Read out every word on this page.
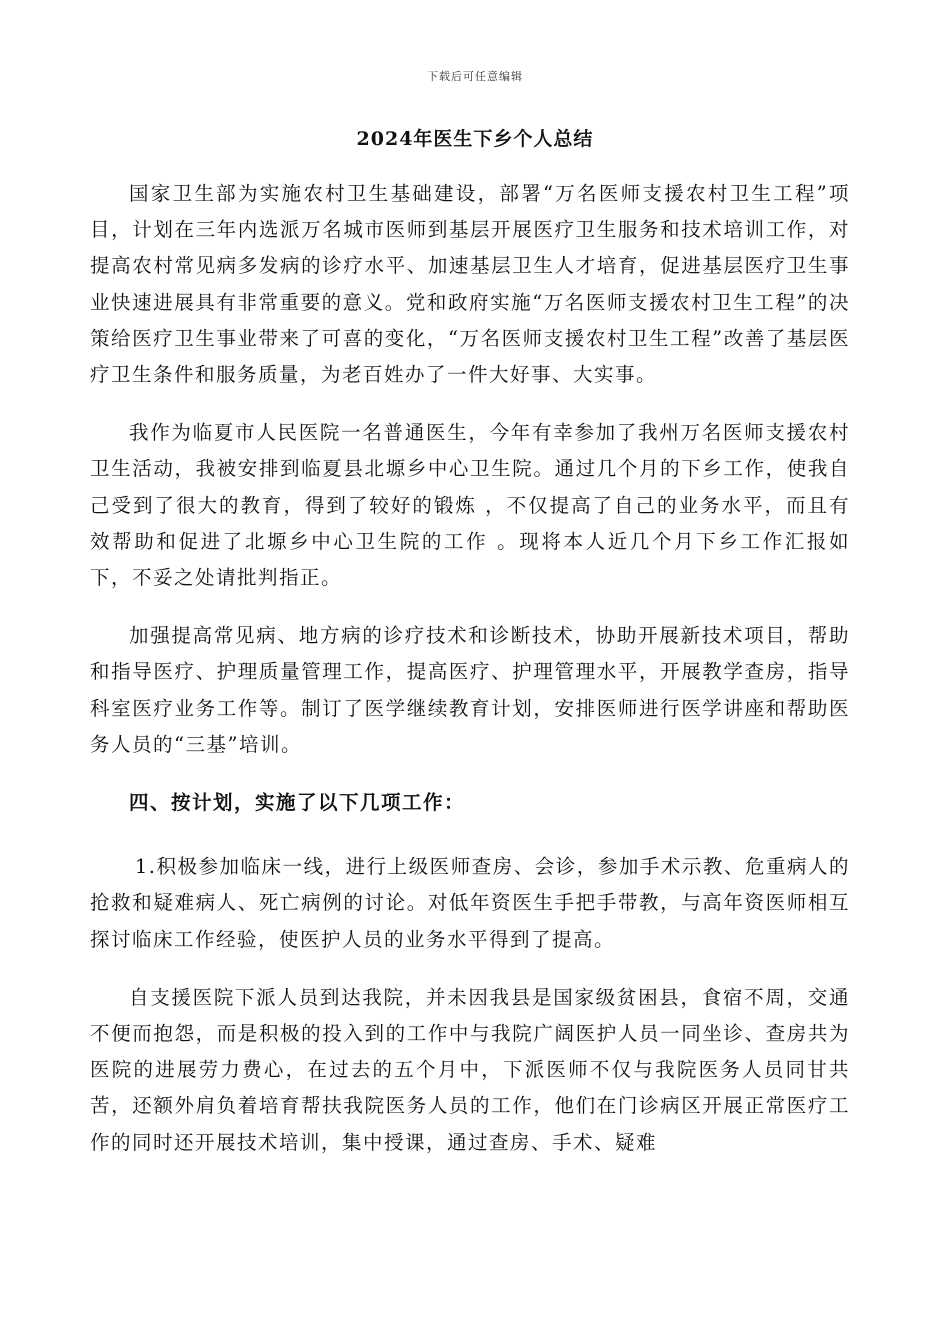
下载后可任意编辑
2024年医生下乡个人总结

国家卫生部为实施农村卫生基础建设，部署“万名医师支援农村卫生工程”项目，计划在三年内选派万名城市医师到基层开展医疗卫生服务和技术培训工作，对提高农村常见病多发病的诊疗水平、加速基层卫生人才培育，促进基层医疗卫生事业快速进展具有非常重要的意义。党和政府实施“万名医师支援农村卫生工程”的决策给医疗卫生事业带来了可喜的变化，“万名医师支援农村卫生工程”改善了基层医疗卫生条件和服务质量，为老百姓办了一件大好事、大实事。

我作为临夏市人民医院一名普通医生，今年有幸参加了我州万名医师支援农村卫生活动，我被安排到临夏县北塬乡中心卫生院。通过几个月的下乡工作，使我自己受到了很大的教育，得到了较好的锻炼 ，不仅提高了自己的业务水平，而且有效帮助和促进了北塬乡中心卫生院的工作 。现将本人近几个月下乡工作汇报如下，不妥之处请批判指正。

加强提高常见病、地方病的诊疗技术和诊断技术，协助开展新技术项目，帮助和指导医疗、护理质量管理工作，提高医疗、护理管理水平，开展教学查房，指导科室医疗业务工作等。制订了医学继续教育计划，安排医师进行医学讲座和帮助医务人员的“三基”培训。

四、按计划，实施了以下几项工作：

1.积极参加临床一线，进行上级医师查房、会诊，参加手术示教、危重病人的抢救和疑难病人、死亡病例的讨论。对低年资医生手把手带教，与高年资医师相互探讨临床工作经验，使医护人员的业务水平得到了提高。

自支援医院下派人员到达我院，并未因我县是国家级贫困县，食宿不周，交通不便而抱怨，而是积极的投入到的工作中与我院广阔医护人员一同坐诊、查房共为医院的进展劳力费心，在过去的五个月中，下派医师不仅与我院医务人员同甘共苦，还额外肩负着培育帮扶我院医务人员的工作，他们在门诊病区开展正常医疗工作的同时还开展技术培训，集中授课，通过查房、手术、疑难
